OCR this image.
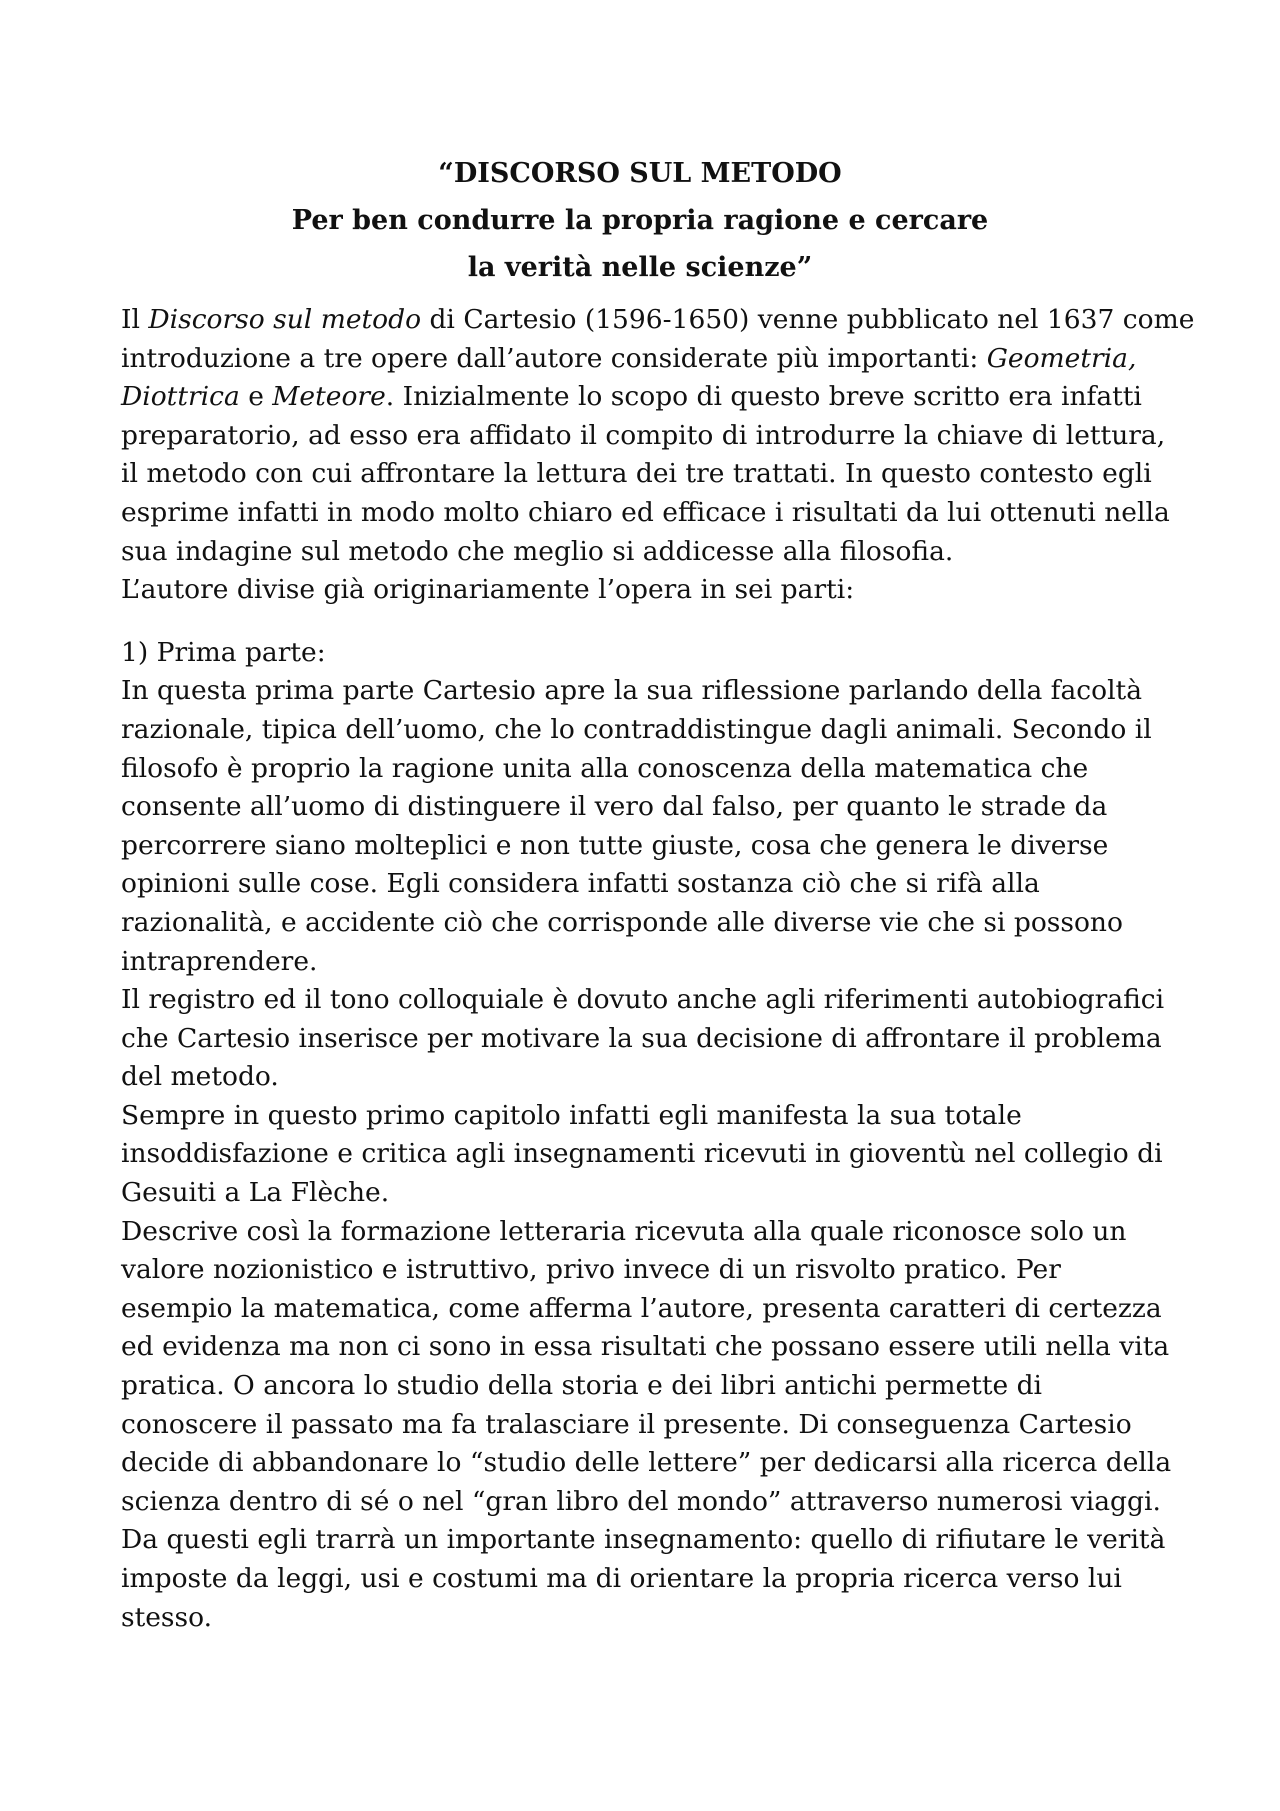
“DISCORSO SUL METODO

Per ben condurre la propria ragione e cercare

la verità nelle scienze”

Il Discorso sul metodo di Cartesio (1596-1650) venne pubblicato nel 1637 come

introduzione a tre opere dall’autore considerate più importanti: Geometria,

Diottrica e Meteore. Inizialmente lo scopo di questo breve scritto era infatti

preparatorio, ad esso era affidato il compito di introdurre la chiave di lettura,

il metodo con cui affrontare la lettura dei tre trattati. In questo contesto egli

esprime infatti in modo molto chiaro ed efficace i risultati da lui ottenuti nella

sua indagine sul metodo che meglio si addicesse alla filosofia.

L’autore divise già originariamente l’opera in sei parti:

1) Prima parte:

In questa prima parte Cartesio apre la sua riflessione parlando della facoltà

razionale, tipica dell’uomo, che lo contraddistingue dagli animali. Secondo il

filosofo è proprio la ragione unita alla conoscenza della matematica che

consente all’uomo di distinguere il vero dal falso, per quanto le strade da

percorrere siano molteplici e non tutte giuste, cosa che genera le diverse

opinioni sulle cose. Egli considera infatti sostanza ciò che si rifà alla

razionalità, e accidente ciò che corrisponde alle diverse vie che si possono

intraprendere.

Il registro ed il tono colloquiale è dovuto anche agli riferimenti autobiografici

che Cartesio inserisce per motivare la sua decisione di affrontare il problema

del metodo.

Sempre in questo primo capitolo infatti egli manifesta la sua totale

insoddisfazione e critica agli insegnamenti ricevuti in gioventù nel collegio di

Gesuiti a La Flèche.

Descrive così la formazione letteraria ricevuta alla quale riconosce solo un

valore nozionistico e istruttivo, privo invece di un risvolto pratico. Per

esempio la matematica, come afferma l’autore, presenta caratteri di certezza

ed evidenza ma non ci sono in essa risultati che possano essere utili nella vita

pratica. O ancora lo studio della storia e dei libri antichi permette di

conoscere il passato ma fa tralasciare il presente. Di conseguenza Cartesio

decide di abbandonare lo “studio delle lettere” per dedicarsi alla ricerca della

scienza dentro di sé o nel “gran libro del mondo” attraverso numerosi viaggi.

Da questi egli trarrà un importante insegnamento: quello di rifiutare le verità

imposte da leggi, usi e costumi ma di orientare la propria ricerca verso lui

stesso.
